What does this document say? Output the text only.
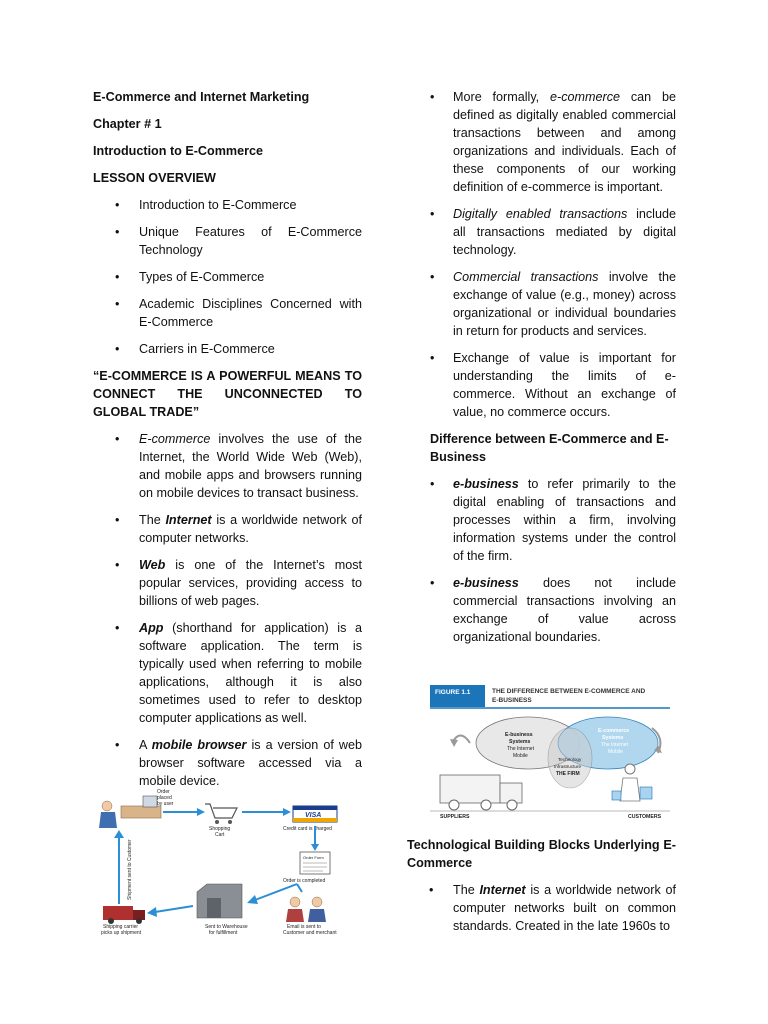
E-Commerce and Internet Marketing
Chapter # 1
Introduction to E-Commerce
LESSON OVERVIEW
• Introduction to E-Commerce
• Unique Features of E-Commerce Technology
• Types of E-Commerce
• Academic Disciplines Concerned with E-Commerce
• Carriers in E-Commerce
“E-COMMERCE IS A POWERFUL MEANS TO CONNECT THE UNCONNECTED TO GLOBAL TRADE”
• E-commerce involves the use of the Internet, the World Wide Web (Web), and mobile apps and browsers running on mobile devices to transact business.
• The Internet is a worldwide network of computer networks.
• Web is one of the Internet’s most popular services, providing access to billions of web pages.
• App (shorthand for application) is a software application. The term is typically used when referring to mobile applications, although it is also sometimes used to refer to desktop computer applications as well.
• A mobile browser is a version of web browser software accessed via a mobile device.
• More formally, e-commerce can be defined as digitally enabled commercial transactions between and among organizations and individuals. Each of these components of our working definition of e-commerce is important.
• Digitally enabled transactions include all transactions mediated by digital technology.
• Commercial transactions involve the exchange of value (e.g., money) across organizational or individual boundaries in return for products and services.
• Exchange of value is important for understanding the limits of e-commerce. Without an exchange of value, no commerce occurs.
Difference between E-Commerce and E-Business
• e-business to refer primarily to the digital enabling of transactions and processes within a firm, involving information systems under the control of the firm.
• e-business does not include commercial transactions involving an exchange of value across organizational boundaries.
FIGURE 1.1	THE DIFFERENCE BETWEEN E-COMMERCE AND
E-BUSINESS
E-business
Systems
The Internet
Mobile
E-commerce
Systems
The Internet
Mobile
Technology
Infrastructure
THE FIRM
SUPPLIERS	CUSTOMERS
Order
placed
by user
Shopping
Cart
VISA
Credit card is charged
Order Form
Order is completed
Sent to Warehouse
for fulfillment
Email is sent to
Customer and merchant
Shipping carrier
picks up shipment
Shipment sent to Customer	Technological Building Blocks Underlying E-Commerce
• The Internet is a worldwide network of computer networks built on common standards. Created in the late 1960s to
